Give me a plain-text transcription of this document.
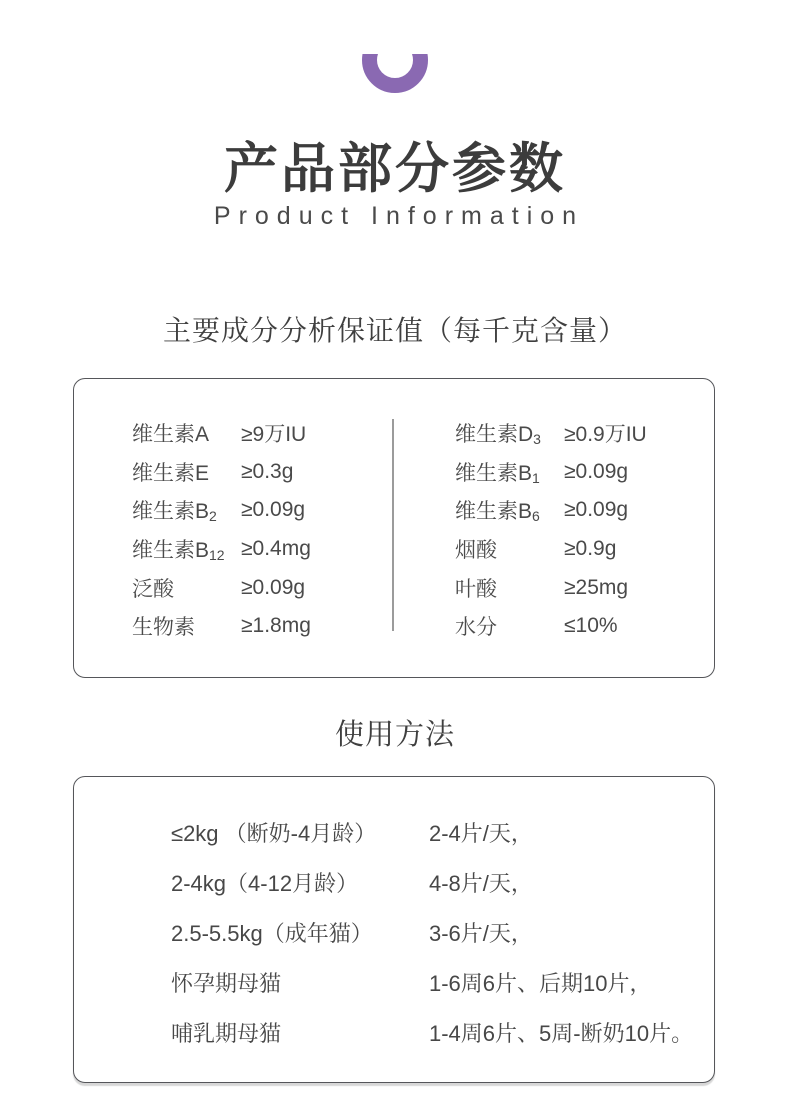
产品部分参数
Product Information
主要成分分析保证值（每千克含量）
维生素A	≥9万IU
维生素E	≥0.3g
维生素B2	≥0.09g
维生素B12 ≥0.4mg
泛酸	≥0.09g
生物素	≥1.8mg
维生素D3	≥0.9万IU
维生素B1	≥0.09g
维生素B6	≥0.09g
烟酸	≥0.9g
叶酸	≥25mg
水分	≤10%
使用方法
≤2kg （断奶-4月龄）	2-4片/天，
2-4kg（4-12月龄）	4-8片/天，
2.5-5.5kg（成年猫）	3-6片/天，
怀孕期母猫	1-6周6片、后期10片，
哺乳期母猫	1-4周6片、5周-断奶10片。
